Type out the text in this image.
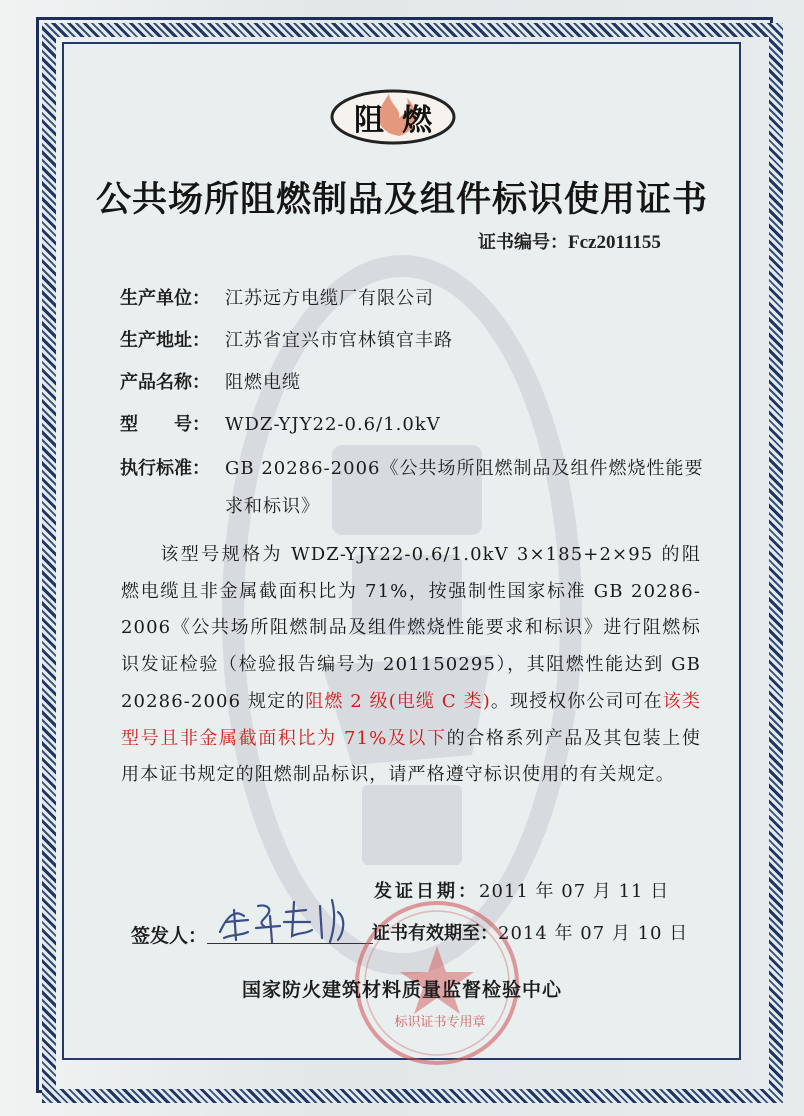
阻 燃
公共场所阻燃制品及组件标识使用证书
证书编号：Fcz2011155
生产单位： 江苏远方电缆厂有限公司
生产地址： 江苏省宜兴市官林镇官丰路
产品名称： 阻燃电缆
型　　号： WDZ-YJY22-0.6/1.0kV
执行标准： GB 20286-2006《公共场所阻燃制品及组件燃烧性能要求和标识》
该型号规格为 WDZ-YJY22-0.6/1.0kV 3×185+2×95 的阻燃电缆且非金属截面积比为 71%，按强制性国家标准 GB 20286-2006《公共场所阻燃制品及组件燃烧性能要求和标识》进行阻燃标识发证检验（检验报告编号为 201150295），其阻燃性能达到 GB 20286-2006 规定的阻燃 2 级(电缆 C 类)。现授权你公司可在该类型号且非金属截面积比为 71%及以下的合格系列产品及其包装上使用本证书规定的阻燃制品标识，请严格遵守标识使用的有关规定。
发证日期：2011 年 07 月 11 日
签发人：
标识证书专用章
证书有效期至：2014 年 07 月 10 日
国家防火建筑材料质量监督检验中心
